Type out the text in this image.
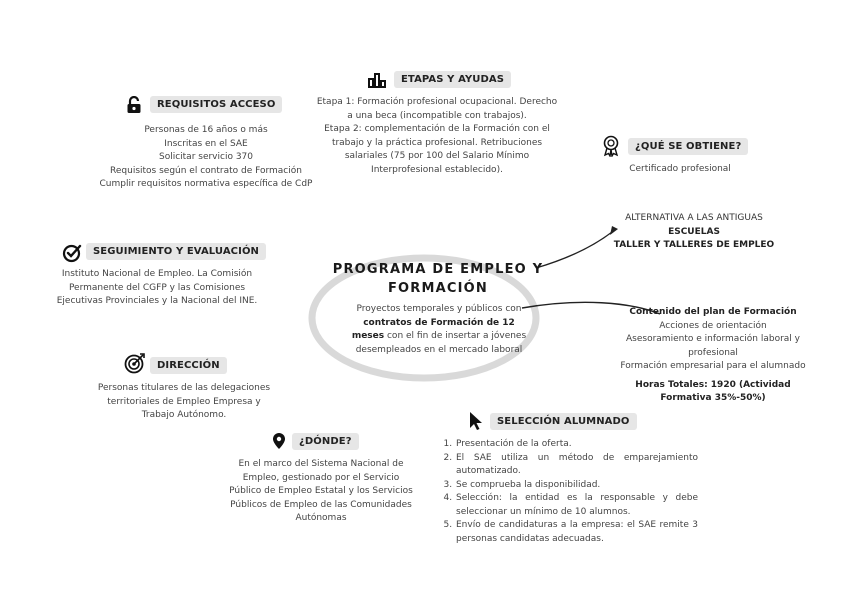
PROGRAMA DE EMPLEO Y
FORMACIÓN
Proyectos temporales y públicos con contratos de Formación de 12 meses con el fin de insertar a jóvenes desempleados en el mercado laboral
ETAPAS Y AYUDAS
Etapa 1: Formación profesional ocupacional. Derecho a una beca (incompatible con trabajos).
Etapa 2: complementación de la Formación con el trabajo y la práctica profesional. Retribuciones salariales (75 por 100 del Salario Mínimo Interprofesional establecido).
REQUISITOS ACCESO
Personas de 16 años o más
Inscritas en el SAE
Solicitar servicio 370
Requisitos según el contrato de Formación
Cumplir requisitos normativa específica de CdP
¿QUÉ SE OBTIENE?
Certificado profesional
ALTERNATIVA A LAS ANTIGUAS ESCUELAS
TALLER Y TALLERES DE EMPLEO
SEGUIMIENTO Y EVALUACIÓN
Instituto Nacional de Empleo. La Comisión Permanente del CGFP y las Comisiones Ejecutivas Provinciales y la Nacional del INE.
Contenido del plan de Formación
Acciones de orientación
Asesoramiento e información laboral y profesional
Formación empresarial para el alumnado
Horas Totales: 1920 (Actividad Formativa 35%-50%)
DIRECCIÓN
Personas titulares de las delegaciones territoriales de Empleo Empresa y Trabajo Autónomo.
SELECCIÓN ALUMNADO
1. Presentación de la oferta.
2. El SAE utiliza un método de emparejamiento automatizado.
3. Se comprueba la disponibilidad.
4. Selección: la entidad es la responsable y debe seleccionar un mínimo de 10 alumnos.
5. Envío de candidaturas a la empresa: el SAE remite 3 personas candidatas adecuadas.
¿DÓNDE?
En el marco del Sistema Nacional de Empleo, gestionado por el Servicio Público de Empleo Estatal y los Servicios Públicos de Empleo de las Comunidades Autónomas
